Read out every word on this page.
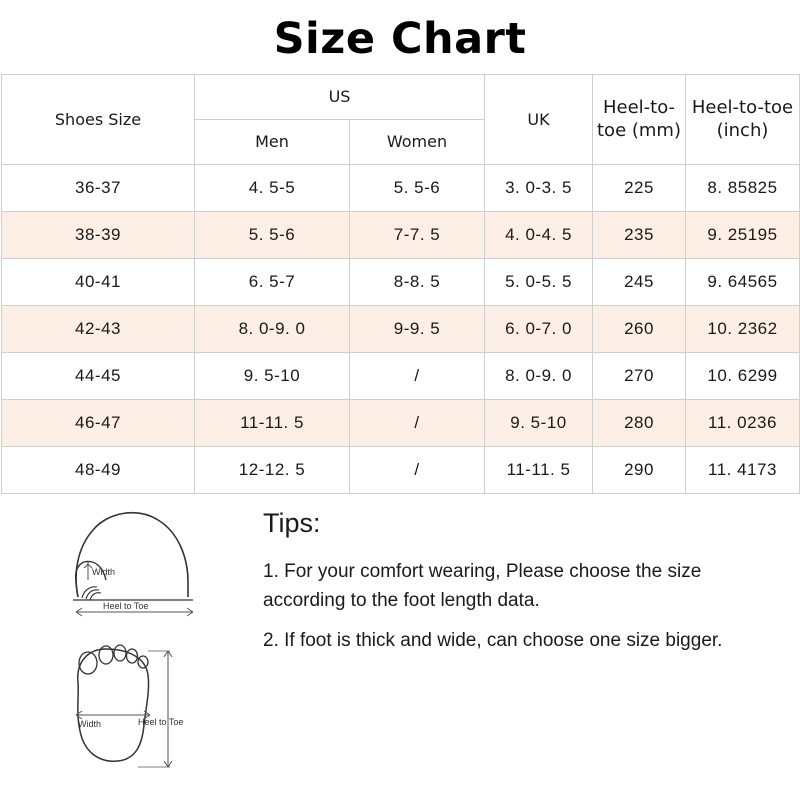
Size Chart
Shoes Size	US		UK	Heel-to-toe (mm)	Heel-to-toe (inch)
	Men	Women			
36-37	4. 5-5	5. 5-6	3. 0-3. 5	225	8. 85825
38-39	5. 5-6	7-7. 5	4. 0-4. 5	235	9. 25195
40-41	6. 5-7	8-8. 5	5. 0-5. 5	245	9. 64565
42-43	8. 0-9. 0	9-9. 5	6. 0-7. 0	260	10. 2362
44-45	9. 5-10	/	8. 0-9. 0	270	10. 6299
46-47	11-11. 5	/	9. 5-10	280	11. 0236
48-49	12-12. 5	/	11-11. 5	290	11. 4173
Width
Heel to Toe
Width	Heel to Toe
Tips:

1. For your comfort wearing, Please choose the size according to the foot length data.

2. If foot is thick and wide, can choose one size bigger.
